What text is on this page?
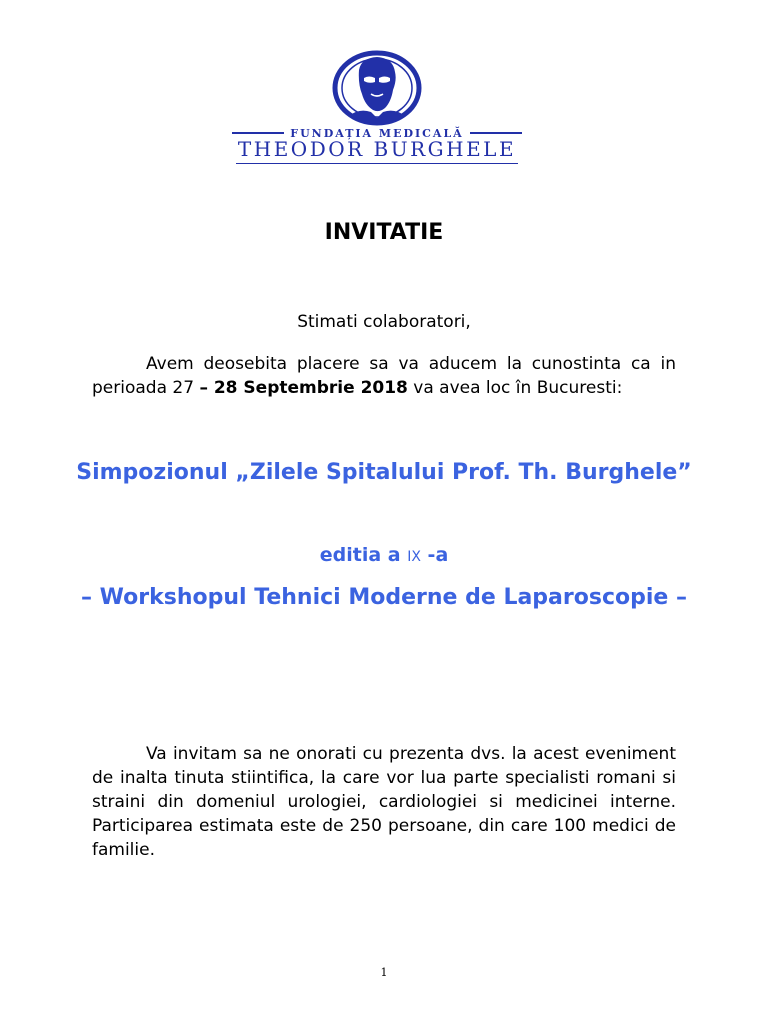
FUNDAȚIA MEDICALĂ
THEODOR BURGHELE
INVITATIE
Stimati colaboratori,
Avem deosebita placere sa va aducem la cunostinta ca in perioada 27 – 28 Septembrie 2018 va avea loc în Bucuresti:
Simpozionul „Zilele Spitalului Prof. Th. Burghele”
editia a IX -a
– Workshopul Tehnici Moderne de Laparoscopie –
Va invitam sa ne onorati cu prezenta dvs. la acest eveniment de inalta tinuta stiintifica, la care vor lua parte specialisti romani si straini din domeniul urologiei, cardiologiei si medicinei interne. Participarea estimata este de 250 persoane, din care 100 medici de familie.
1
